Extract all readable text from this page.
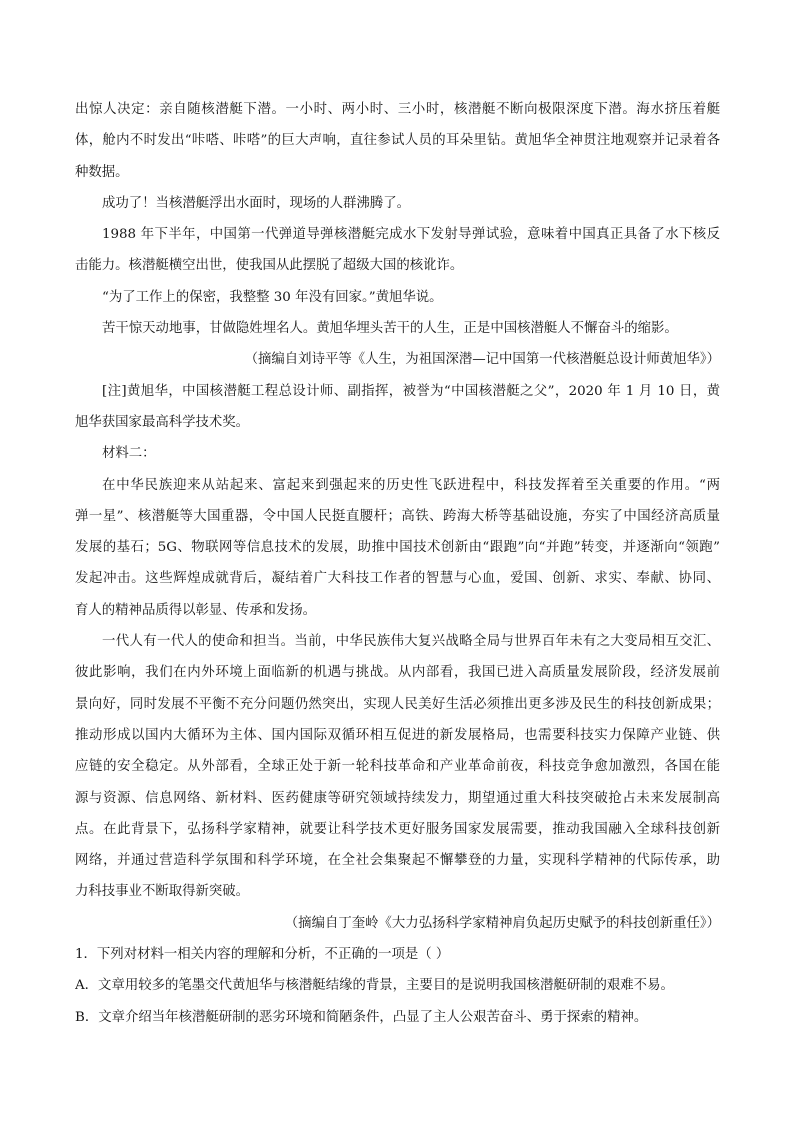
出惊人决定：亲自随核潜艇下潜。一小时、两小时、三小时，核潜艇不断向极限深度下潜。海水挤压着艇
体，舱内不时发出“咔嗒、咔嗒”的巨大声响，直往参试人员的耳朵里钻。黄旭华全神贯注地观察并记录着各
种数据。
成功了！当核潜艇浮出水面时，现场的人群沸腾了。
1988 年下半年，中国第一代弹道导弹核潜艇完成水下发射导弹试验，意味着中国真正具备了水下核反
击能力。核潜艇横空出世，使我国从此摆脱了超级大国的核讹诈。
“为了工作上的保密，我整整 30 年没有回家。”黄旭华说。
苦干惊天动地事，甘做隐姓埋名人。黄旭华埋头苦干的人生，正是中国核潜艇人不懈奋斗的缩影。
（摘编自刘诗平等《人生，为祖国深潜—记中国第一代核潜艇总设计师黄旭华》）
[注]黄旭华，中国核潜艇工程总设计师、副指挥，被誉为“中国核潜艇之父”，2020 年 1 月 10 日，黄
旭华获国家最高科学技术奖。
材料二：
在中华民族迎来从站起来、富起来到强起来的历史性飞跃进程中，科技发挥着至关重要的作用。“两
弹一星”、核潜艇等大国重器，令中国人民挺直腰杆；高铁、跨海大桥等基础设施，夯实了中国经济高质量
发展的基石；5G、物联网等信息技术的发展，助推中国技术创新由“跟跑”向“并跑”转变，并逐渐向“领跑”
发起冲击。这些辉煌成就背后，凝结着广大科技工作者的智慧与心血，爱国、创新、求实、奉献、协同、
育人的精神品质得以彰显、传承和发扬。
一代人有一代人的使命和担当。当前，中华民族伟大复兴战略全局与世界百年未有之大变局相互交汇、
彼此影响，我们在内外环境上面临新的机遇与挑战。从内部看，我国已进入高质量发展阶段，经济发展前
景向好，同时发展不平衡不充分问题仍然突出，实现人民美好生活必须推出更多涉及民生的科技创新成果；
推动形成以国内大循环为主体、国内国际双循环相互促进的新发展格局，也需要科技实力保障产业链、供
应链的安全稳定。从外部看，全球正处于新一轮科技革命和产业革命前夜，科技竞争愈加激烈，各国在能
源与资源、信息网络、新材料、医药健康等研究领域持续发力，期望通过重大科技突破抢占未来发展制高
点。在此背景下，弘扬科学家精神，就要让科学技术更好服务国家发展需要，推动我国融入全球科技创新
网络，并通过营造科学氛围和科学环境，在全社会集聚起不懈攀登的力量，实现科学精神的代际传承，助
力科技事业不断取得新突破。
（摘编自丁奎岭《大力弘扬科学家精神肩负起历史赋予的科技创新重任》）
1．下列对材料一相关内容的理解和分析，不正确的一项是（ ）
A．文章用较多的笔墨交代黄旭华与核潜艇结缘的背景，主要目的是说明我国核潜艇研制的艰难不易。
B．文章介绍当年核潜艇研制的恶劣环境和简陋条件，凸显了主人公艰苦奋斗、勇于探索的精神。
